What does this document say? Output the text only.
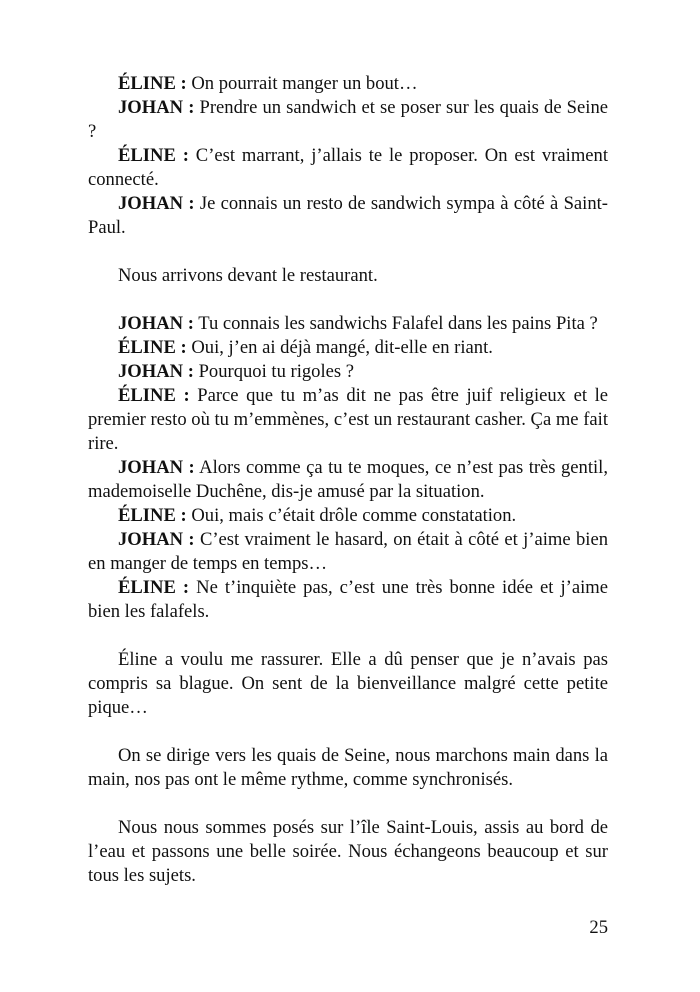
ÉLINE : On pourrait manger un bout…

JOHAN : Prendre un sandwich et se poser sur les quais de Seine ?

ÉLINE : C’est marrant, j’allais te le proposer. On est vraiment connecté.

JOHAN : Je connais un resto de sandwich sympa à côté à Saint-Paul.

Nous arrivons devant le restaurant.

JOHAN : Tu connais les sandwichs Falafel dans les pains Pita ?

ÉLINE : Oui, j’en ai déjà mangé, dit-elle en riant.

JOHAN : Pourquoi tu rigoles ?

ÉLINE : Parce que tu m’as dit ne pas être juif religieux et le premier resto où tu m’emmènes, c’est un restaurant casher. Ça me fait rire.

JOHAN : Alors comme ça tu te moques, ce n’est pas très gentil, mademoiselle Duchêne, dis-je amusé par la situation.

ÉLINE : Oui, mais c’était drôle comme constatation.

JOHAN : C’est vraiment le hasard, on était à côté et j’aime bien en manger de temps en temps…

ÉLINE : Ne t’inquiète pas, c’est une très bonne idée et j’aime bien les falafels.

Éline a voulu me rassurer. Elle a dû penser que je n’avais pas compris sa blague. On sent de la bienveillance malgré cette petite pique…

On se dirige vers les quais de Seine, nous marchons main dans la main, nos pas ont le même rythme, comme synchronisés.

Nous nous sommes posés sur l’île Saint-Louis, assis au bord de l’eau et passons une belle soirée. Nous échangeons beaucoup et sur tous les sujets.

25
